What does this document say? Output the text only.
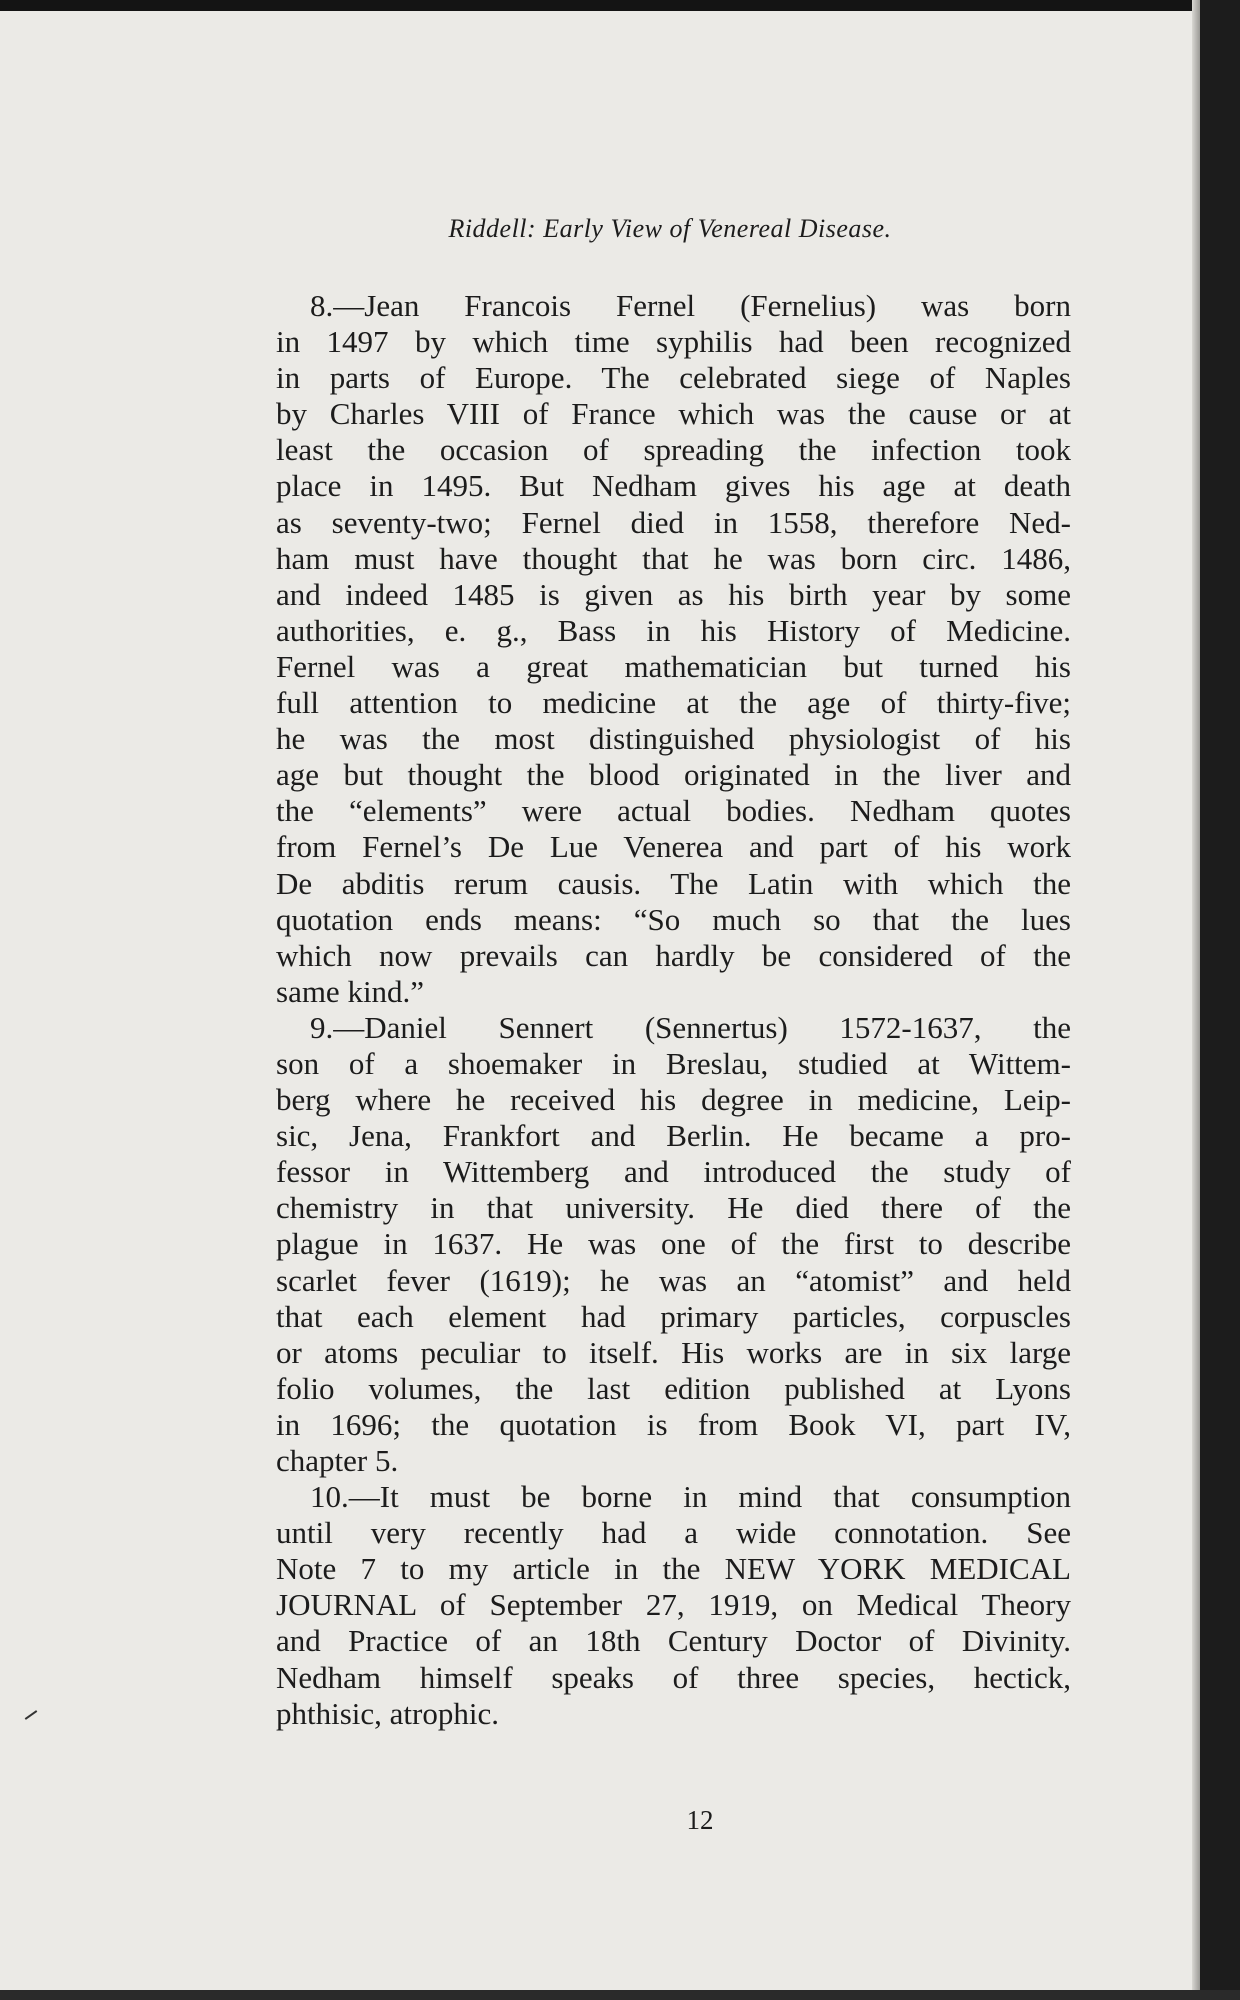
Riddell: Early View of Venereal Disease.
8.—Jean Francois Fernel (Fernelius) was born
in 1497 by which time syphilis had been recognized
in parts of Europe. The celebrated siege of Naples
by Charles VIII of France which was the cause or at
least the occasion of spreading the infection took
place in 1495. But Nedham gives his age at death
as seventy-two; Fernel died in 1558, therefore Ned-
ham must have thought that he was born circ. 1486,
and indeed 1485 is given as his birth year by some
authorities, e. g., Bass in his History of Medicine.
Fernel was a great mathematician but turned his
full attention to medicine at the age of thirty-five;
he was the most distinguished physiologist of his
age but thought the blood originated in the liver and
the “elements” were actual bodies. Nedham quotes
from Fernel’s De Lue Venerea and part of his work
De abditis rerum causis. The Latin with which the
quotation ends means: “So much so that the lues
which now prevails can hardly be considered of the
same kind.”
9.—Daniel Sennert (Sennertus) 1572-1637, the
son of a shoemaker in Breslau, studied at Wittem-
berg where he received his degree in medicine, Leip-
sic, Jena, Frankfort and Berlin. He became a pro-
fessor in Wittemberg and introduced the study of
chemistry in that university. He died there of the
plague in 1637. He was one of the first to describe
scarlet fever (1619); he was an “atomist” and held
that each element had primary particles, corpuscles
or atoms peculiar to itself. His works are in six large
folio volumes, the last edition published at Lyons
in 1696; the quotation is from Book VI, part IV,
chapter 5.
10.—It must be borne in mind that consumption
until very recently had a wide connotation. See
Note 7 to my article in the NEW YORK MEDICAL
JOURNAL of September 27, 1919, on Medical Theory
and Practice of an 18th Century Doctor of Divinity.
Nedham himself speaks of three species, hectick,
phthisic, atrophic.
12
